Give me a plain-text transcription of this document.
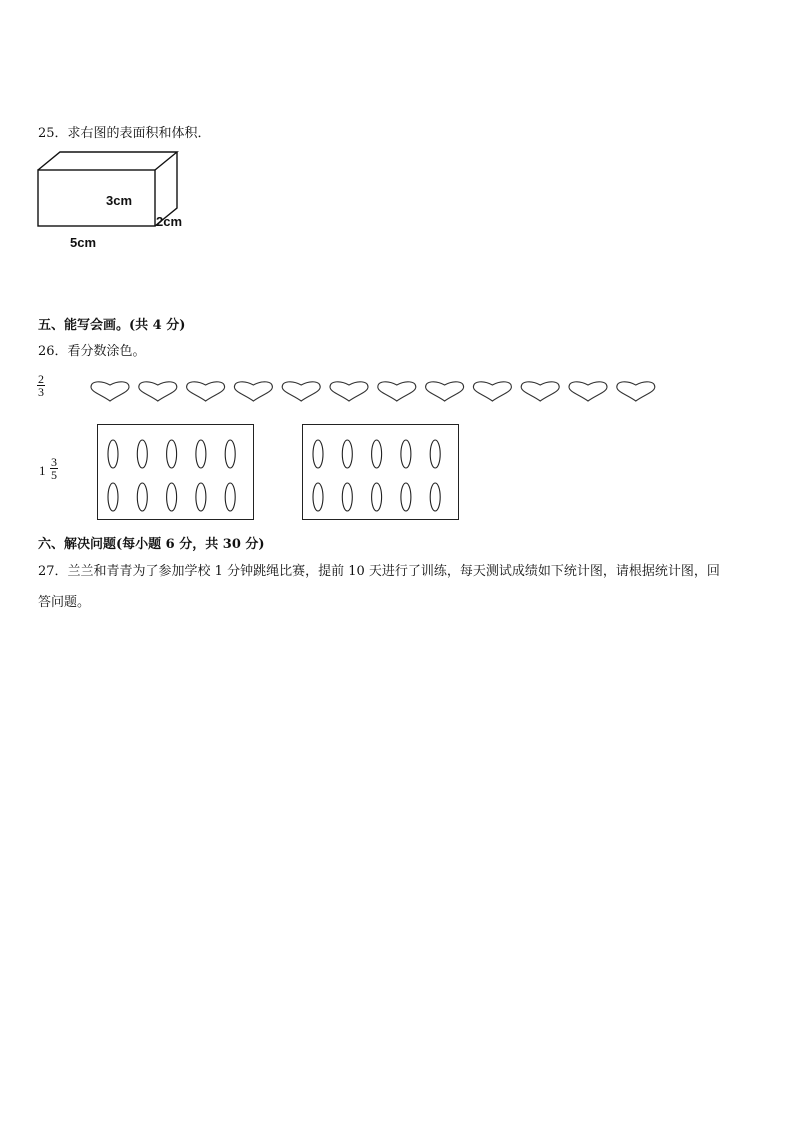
25．求右图的表面积和体积．
3cm
2cm
5cm
五、能写会画。(共 4 分)
26．看分数涂色。
2
3
1
3
5
六、解决问题(每小题 6 分，共 30 分)
27．兰兰和青青为了参加学校 1 分钟跳绳比赛，提前 10 天进行了训练，每天测试成绩如下统计图，请根据统计图，回
答问题。
